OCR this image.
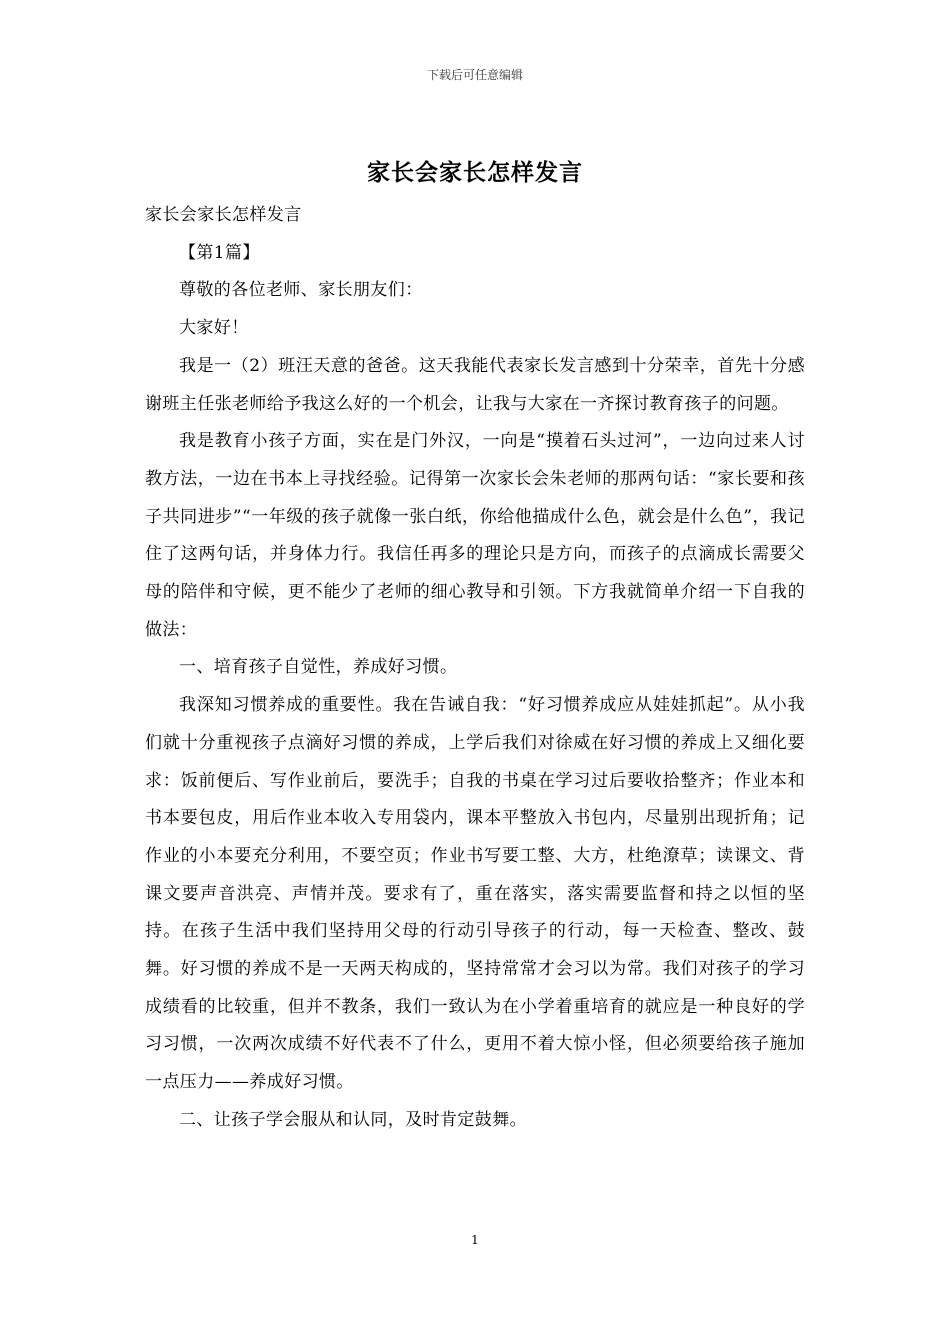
下载后可任意编辑
家长会家长怎样发言

家长会家长怎样发言

【第1篇】

尊敬的各位老师、家长朋友们：

大家好！

我是一（2）班汪天意的爸爸。这天我能代表家长发言感到十分荣幸，首先十分感谢班主任张老师给予我这么好的一个机会，让我与大家在一齐探讨教育孩子的问题。

我是教育小孩子方面，实在是门外汉，一向是“摸着石头过河”，一边向过来人讨教方法，一边在书本上寻找经验。记得第一次家长会朱老师的那两句话：“家长要和孩子共同进步”“一年级的孩子就像一张白纸，你给他描成什么色，就会是什么色”，我记住了这两句话，并身体力行。我信任再多的理论只是方向，而孩子的点滴成长需要父母的陪伴和守候，更不能少了老师的细心教导和引领。下方我就简单介绍一下自我的做法：

一、培育孩子自觉性，养成好习惯。

我深知习惯养成的重要性。我在告诫自我：“好习惯养成应从娃娃抓起”。从小我们就十分重视孩子点滴好习惯的养成，上学后我们对徐威在好习惯的养成上又细化要求：饭前便后、写作业前后，要洗手；自我的书桌在学习过后要收拾整齐；作业本和书本要包皮，用后作业本收入专用袋内，课本平整放入书包内，尽量别出现折角；记作业的小本要充分利用，不要空页；作业书写要工整、大方，杜绝潦草；读课文、背课文要声音洪亮、声情并茂。要求有了，重在落实，落实需要监督和持之以恒的坚持。在孩子生活中我们坚持用父母的行动引导孩子的行动，每一天检查、整改、鼓舞。好习惯的养成不是一天两天构成的，坚持常常才会习以为常。我们对孩子的学习成绩看的比较重，但并不教条，我们一致认为在小学着重培育的就应是一种良好的学习习惯，一次两次成绩不好代表不了什么，更用不着大惊小怪，但必须要给孩子施加一点压力——养成好习惯。

二、让孩子学会服从和认同，及时肯定鼓舞。

1
